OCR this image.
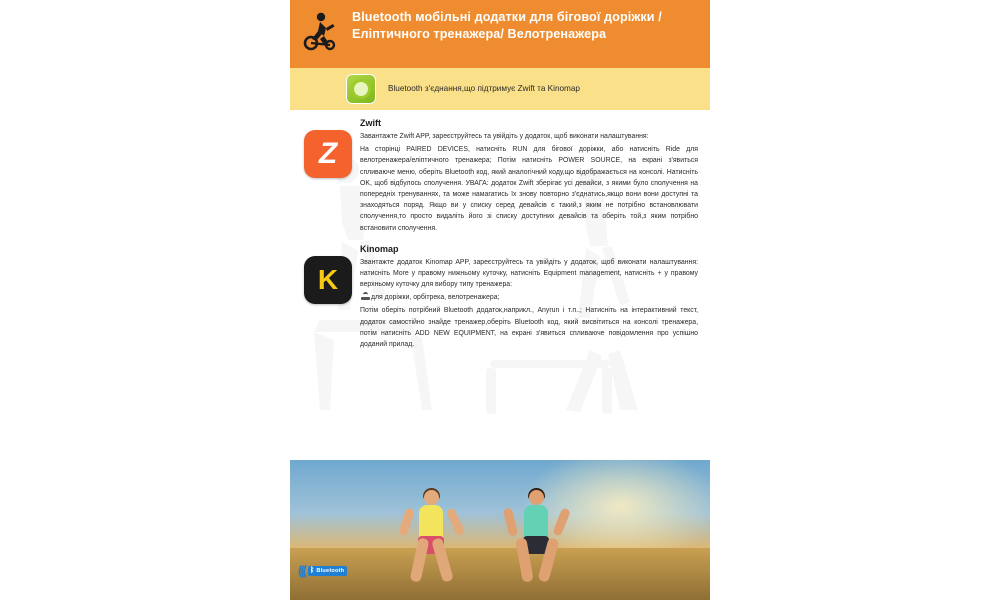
Bluetooth мобільні додатки для бігової доріжки /Еліптичного тренажера/ Велотренажера
Bluetooth з'єднання,що підтримує Zwift та Kinomap
Z
Zwift

Завантажте Zwift APP, зареєструйтесь та увійдіть у додаток, щоб виконати налаштування:

На сторінці PAIRED DEVICES, натисніть RUN для бігової доріжки, або натисніть Ride для велотренажера/еліптичного тренажера; Потім натисніть POWER SOURCE, на екрані з'явиться спливаюче меню, оберіть Bluetooth код, який аналогічний коду,що відображається на консолі. Натисніть OK, щоб відбулось сполучення. УВАГА: додаток Zwift зберігає усі девайси, з якими було сполучення на попередніх тренуваннях, та може намагатись їх знову повторно з'єднатись,якщо вони вони доступні та знаходяться поряд. Якщо ви у списку серед девайсів є такий,з яким не потрібно встановлювати сполучення,то просто видаліть його зі списку доступних девайсів та оберіть той,з яким потрібно встановити сполучення.

K
Kinomap

Звантажте додаток Kinomap APP, зареєструйтесь та увійдіть у додаток, щоб виконати налаштування: натисніть More у правому нижньому куточку, натисніть Equipment management, натисніть + у правому верхньому куточку для вибору типу тренажера:

для доріжки, орбітрека, велотренажера;

Потім оберіть потрібний Bluetooth додаток,наприкл., Anyrun і т.п..; Натисніть на інтерактивний текст, додаток самостійно знайде тренажер,оберіть Bluetooth код, який висвітиться на консолі тренажера, потім натисніть ADD NEW EQUIPMENT, на екрані з'явиться спливаюче повідомлення про успішно доданий прилад.

((( ᛒ Bluetooth
